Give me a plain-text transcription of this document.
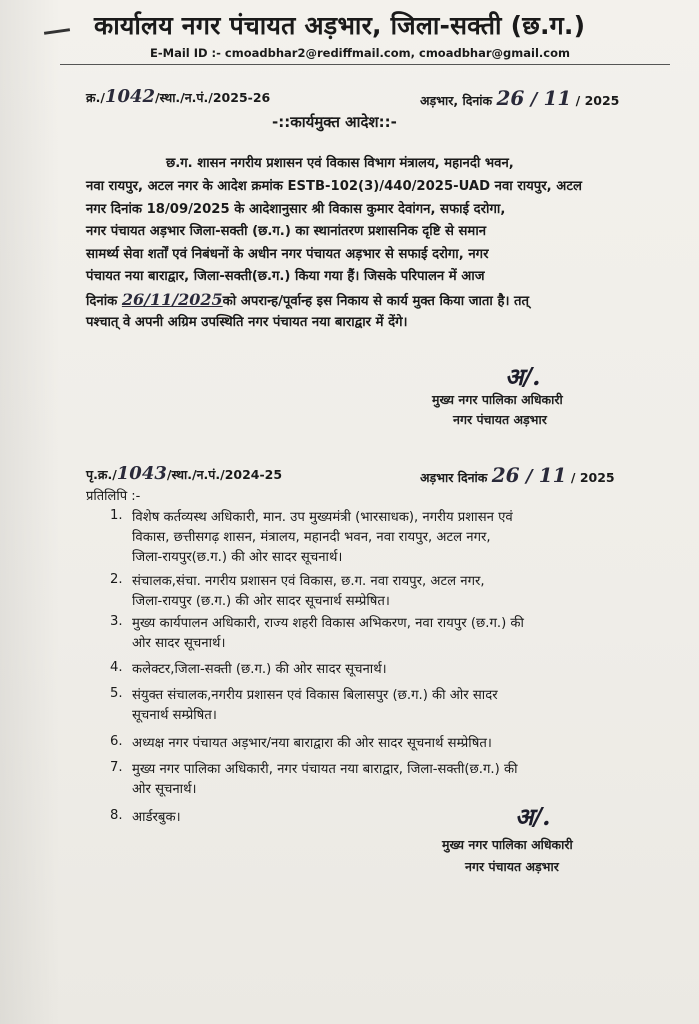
कार्यालय नगर पंचायत अड़भार, जिला-सक्ती (छ.ग.)
E-Mail ID :- cmoadbhar2@rediffmail.com, cmoadbhar@gmail.com
क्र./1042/स्था./न.पं./2025-26	अड़भार, दिनांक 26 / 11 / 2025
-::कार्यमुक्त आदेश::-
छ.ग. शासन नगरीय प्रशासन एवं विकास विभाग मंत्रालय, महानदी भवन,
नवा रायपुर, अटल नगर के आदेश क्रमांक ESTB-102(3)/440/2025-UAD नवा रायपुर, अटल
नगर दिनांक 18/09/2025 के आदेशानुसार श्री विकास कुमार देवांगन, सफाई दरोगा,
नगर पंचायत अड़भार जिला-सक्ती (छ.ग.) का स्थानांतरण प्रशासनिक दृष्टि से समान
सामर्थ्य सेवा शर्तों एवं निबंधनों के अधीन नगर पंचायत अड़भार से सफाई दरोगा, नगर
पंचायत नया बाराद्वार, जिला-सक्ती(छ.ग.) किया गया हैं। जिसके परिपालन में आज
दिनांक 26/11/2025को अपरान्ह/पूर्वान्ह इस निकाय से कार्य मुक्त किया जाता है। तत्
पश्चात् वे अपनी अग्रिम उपस्थिति नगर पंचायत नया बाराद्वार में देंगे।
अ/.
मुख्य नगर पालिका अधिकारी
नगर पंचायत अड़भार
पृ.क्र./1043/स्था./न.पं./2024-25	अड़भार दिनांक 26 / 11 / 2025
प्रतिलिपि :-
1. विशेष कर्तव्यस्थ अधिकारी, मान. उप मुख्यमंत्री (भारसाधक), नगरीय प्रशासन एवं
विकास, छत्तीसगढ़ शासन, मंत्रालय, महानदी भवन, नवा रायपुर, अटल नगर,
जिला-रायपुर(छ.ग.) की ओर सादर सूचनार्थ।
2. संचालक,संचा. नगरीय प्रशासन एवं विकास, छ.ग. नवा रायपुर, अटल नगर,
जिला-रायपुर (छ.ग.) की ओर सादर सूचनार्थ सम्प्रेषित।
3. मुख्य कार्यपालन अधिकारी, राज्य शहरी विकास अभिकरण, नवा रायपुर (छ.ग.) की
ओर सादर सूचनार्थ।
4. कलेक्टर,जिला-सक्ती (छ.ग.) की ओर सादर सूचनार्थ।
5. संयुक्त संचालक,नगरीय प्रशासन एवं विकास बिलासपुर (छ.ग.) की ओर सादर
सूचनार्थ सम्प्रेषित।
6. अध्यक्ष नगर पंचायत अड़भार/नया बाराद्वारा की ओर सादर सूचनार्थ सम्प्रेषित।
7. मुख्य नगर पालिका अधिकारी, नगर पंचायत नया बाराद्वार, जिला-सक्ती(छ.ग.) की
ओर सूचनार्थ।
8. आर्डरबुक।	अ/.
मुख्य नगर पालिका अधिकारी
नगर पंचायत अड़भार
